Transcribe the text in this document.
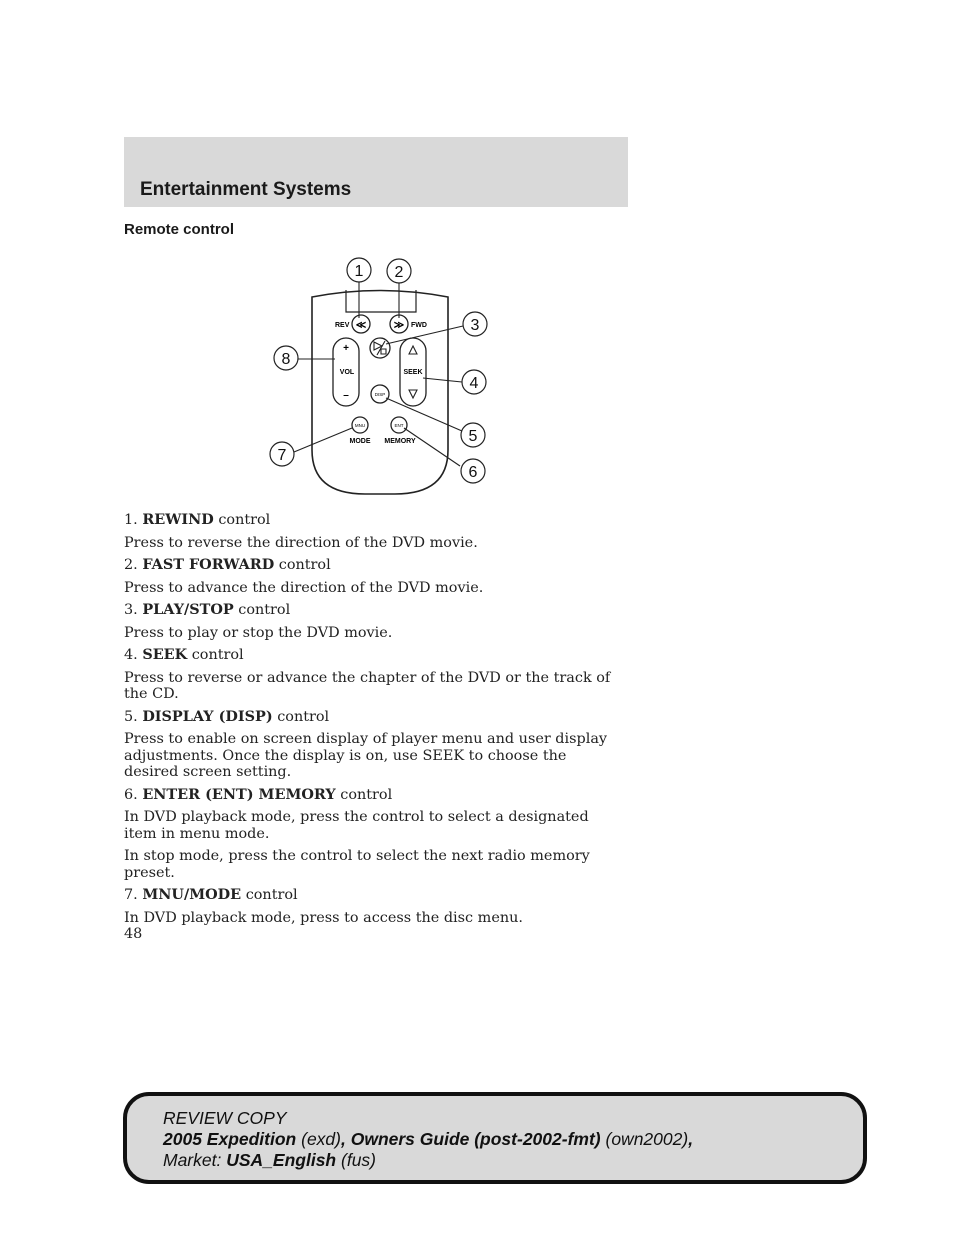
Entertainment Systems
Remote control
≪	≫
REV	FWD
+
VOL
–
SEEK
DISP
MNU	ENT
MODE MEMORY
1 2
3
4
5
6
7
8

1. REWIND control

Press to reverse the direction of the DVD movie.

2. FAST FORWARD control

Press to advance the direction of the DVD movie.

3. PLAY/STOP control

Press to play or stop the DVD movie.

4. SEEK control

Press to reverse or advance the chapter of the DVD or the track of the CD.

5. DISPLAY (DISP) control

Press to enable on screen display of player menu and user display adjustments. Once the display is on, use SEEK to choose the desired screen setting.

6. ENTER (ENT) MEMORY control

In DVD playback mode, press the control to select a designated item in menu mode.

In stop mode, press the control to select the next radio memory preset.

7. MNU/MODE control

In DVD playback mode, press to access the disc menu.

48
REVIEW COPY
2005 Expedition (exd), Owners Guide (post-2002-fmt) (own2002),
Market: USA_English (fus)
